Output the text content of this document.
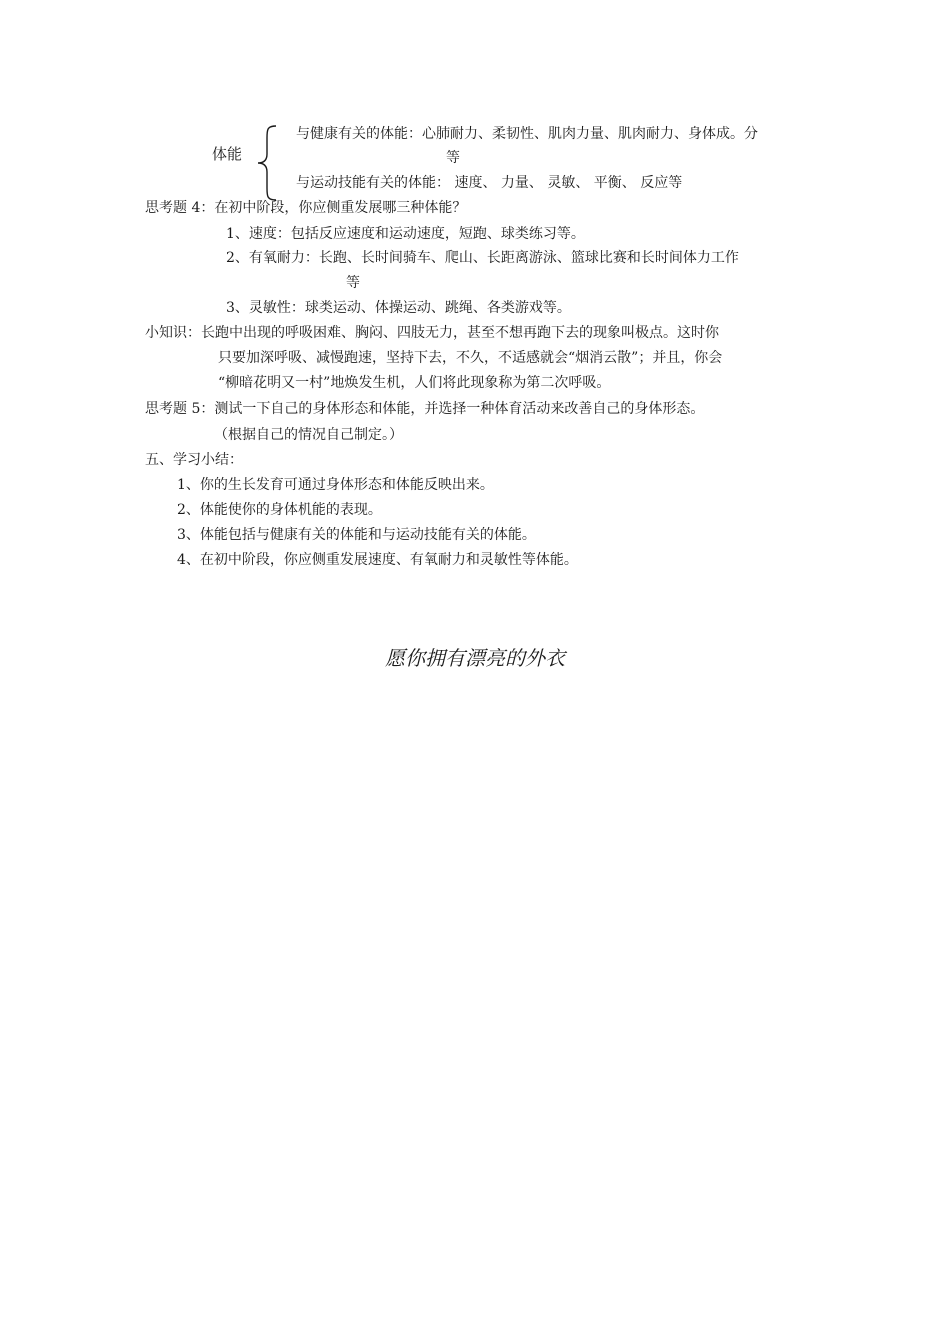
体能
与健康有关的体能：心肺耐力、柔韧性、肌肉力量、肌肉耐力、身体成。分
等
与运动技能有关的体能： 速度、 力量、 灵敏、 平衡、 反应等
思考题 4：在初中阶段，你应侧重发展哪三种体能？
1、速度：包括反应速度和运动速度，短跑、球类练习等。
2、有氧耐力：长跑、长时间骑车、爬山、长距离游泳、篮球比赛和长时间体力工作
等
3、灵敏性：球类运动、体操运动、跳绳、各类游戏等。
小知识：长跑中出现的呼吸困难、胸闷、四肢无力，甚至不想再跑下去的现象叫极点。这时你
只要加深呼吸、减慢跑速，坚持下去，不久，不适感就会“烟消云散”；并且，你会
“柳暗花明又一村”地焕发生机，人们将此现象称为第二次呼吸。
思考题 5：测试一下自己的身体形态和体能，并选择一种体育活动来改善自己的身体形态。
（根据自己的情况自己制定。）
五、学习小结：
1、你的生长发育可通过身体形态和体能反映出来。
2、体能使你的身体机能的表现。
3、体能包括与健康有关的体能和与运动技能有关的体能。
4、在初中阶段，你应侧重发展速度、有氧耐力和灵敏性等体能。
愿你拥有漂亮的外衣
